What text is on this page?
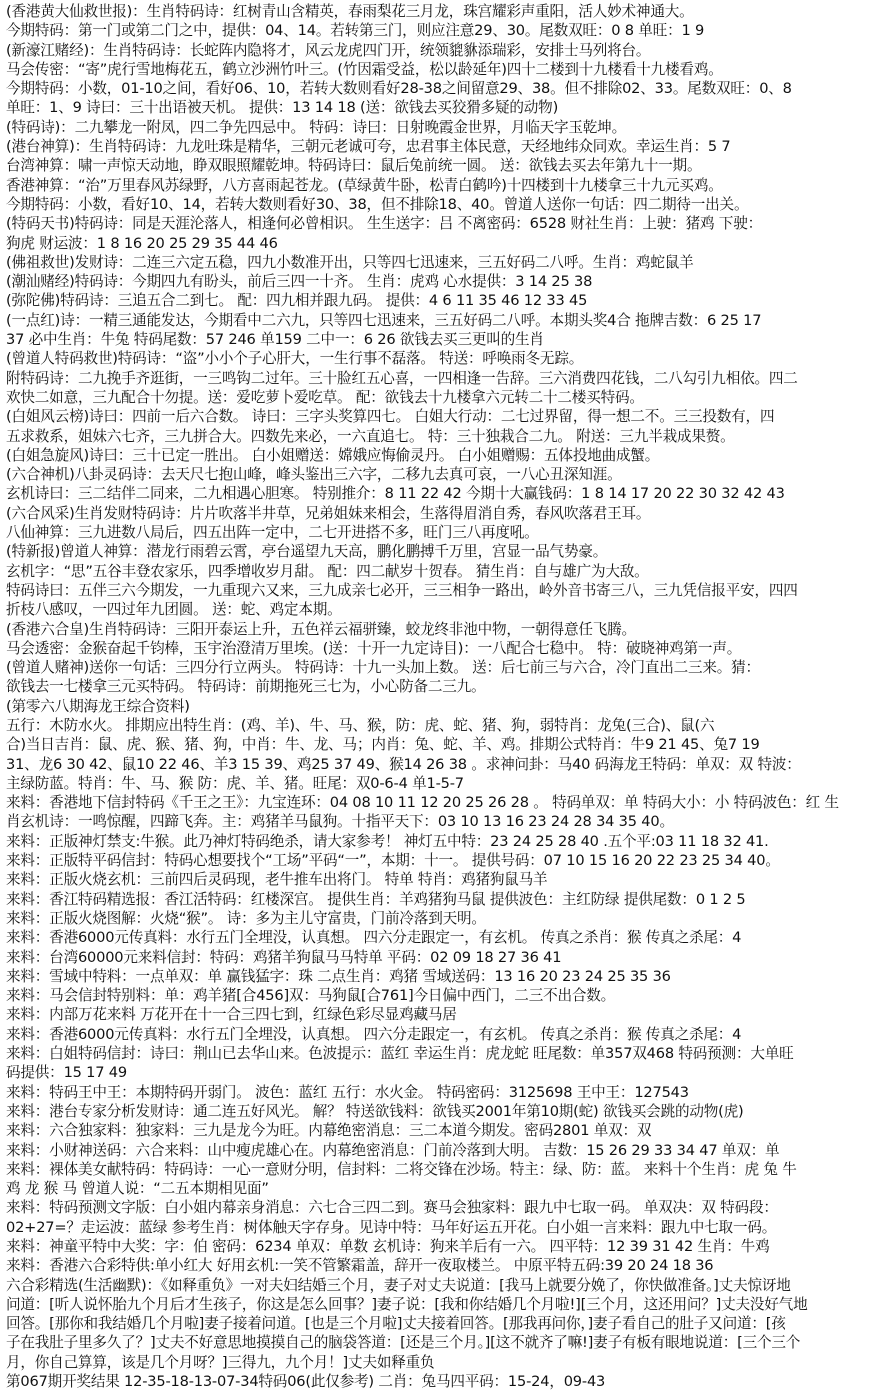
(香港黄大仙救世报)：生肖特码诗：红树青山含精英，春雨梨花三月龙，珠宫耀彩声重阳，活人妙术神通大。
今期特码：第一门或第二门之中，提供：04、14。若转第三门，则应注意29、30。尾数双旺：0 8 单旺：1 9
(新濠江赌经)：生肖特码诗：长蛇阵内隐将才，风云龙虎四门开，统领貔貅添瑞彩，安排士马列将台。
马会传密：“寄”虎行雪地梅花五，鹤立沙洲竹叶三。(竹因霜受益，松以龄延年)四十二楼到十九楼看十九楼看鸡。
今期特码：小数，01-10之间，看好06、10，若转大数则看好28-38之间留意29、38。但不排除02、33。尾数双旺：0、8
单旺：1、9 诗曰：三十出语被天机。 提供：13 14 18 (送：欲钱去买狡猾多疑的动物)
(特码诗)：二九攀龙一附凤，四二争先四忌中。 特码：诗曰：日射晚霞金世界，月临天字玉乾坤。
(港台神算)：生肖特码诗：九龙吐珠是精华，三朝元老诚可夸，忠君事主体民意，天经地纬众同欢。幸运生肖：5 7
台湾神算：啸一声惊天动地，睁双眼照耀乾坤。特码诗曰：鼠后兔前统一圆。 送：欲钱去买去年第九十一期。
香港神算：“治”万里春风苏绿野，八方喜雨起苍龙。(草绿黄牛卧，松青白鹤吟)十四楼到十九楼拿三十九元买鸡。
今期特码：小数，看好10、14，若转大数则看好30、38，但不排除18、40。曾道人送你一句话：四二期待一出关。
(特码天书)特码诗：同是天涯沦落人，相逢何必曾相识。 生生送字：吕 不离密码：6528 财社生肖：上驶：猪鸡 下驶：
狗虎 财运波：1 8 16 20 25 29 35 44 46
(佛祖救世)发财诗：二连三六定五稳，四九小数准开出，只等四七迅速来，三五好码二八呼。生肖：鸡蛇鼠羊
(潮汕赌经)特码诗：今期四九有盼头，前后三四一十齐。 生肖：虎鸡 心水提供：3 14 25 38
(弥陀佛)特码诗：三追五合二到七。 配：四九相并跟九码。 提供：4 6 11 35 46 12 33 45
(一点红)诗：一精三通能发达，今期看中二六九，只等四七迅速来，三五好码二八呼。本期头奖4合 拖牌吉数：6 25 17
37 必中生肖：牛兔 特码尾数：57 246 单159 二中一：6 26 欲钱去买三更叫的生肖
(曾道人特码救世)特码诗：“盗”小小个子心肝大，一生行事不磊落。 特送：呼唤雨冬无踪。
附特码诗：二九挽手齐逛街，一三鸣钩二过年。三十脸红五心喜，一四相逢一告辞。三六消费四花钱，二八勾引九相依。四二
欢快二如意，三九配合十勿提。送：爱吃萝卜爱吃草。 配：欲钱去十九楼拿六元转二十二楼买特码。
(白姐风云榜)诗曰：四前一后六合数。 诗曰：三字头奖算四七。 白姐大行动：二七过界留，得一想二不。三三投数有，四
五求救系，姐妹六七齐，三九拼合大。四数先来必，一六直追七。 特：三十独栽合二九。 附送：三九半栽成果赘。
(白姐急旋风)诗曰：三十已定一胜出。 白小姐赠送：嫦娥应悔偷灵丹。 白小姐赠赐：五体投地曲成蟹。
(六合神机)八卦灵码诗：去天尺七抱山峰，峰头鉴出三六字，二移九去真可哀，一八心丑深知涯。
玄机诗曰：三二结伴二同来，二九相遇心胆寒。 特别推介：8 11 22 42 今期十大赢钱码：1 8 14 17 20 22 30 32 42 43
(六合风采)生肖发财特码诗：片片吹落半井草，兄弟姐妹来相会，生落得眉消自秀，春风吹落君王耳。
八仙神算：三九进数八局后，四五出阵一定中，二七开进搭不多，旺门三八再度吼。
(特新报)曾道人神算：潜龙行雨碧云霄，亭台遥望九天高，鹏化鹏搏千万里，宫显一品气势豪。
玄机字：“思”五谷丰登农家乐，四季增收岁月甜。 配：四二献岁十贺春。 猜生肖：自与雄广为大敌。
特码诗曰：五伴三六今期发，一九重现六又来，三九成亲七必开，三三相争一路出，岭外音书寄三八，三九凭信报平安，四四
折枝八感叹，一四过年九团圆。 送：蛇、鸡定本期。
(香港六合皇)生肖特码诗：三阳开泰运上升，五色祥云福骈臻，蛟龙终非池中物，一朝得意任飞腾。
马会透密：金猴奋起千钧棒，玉宇治澄清万里埃。(送：十开一九定诗目)：一八配合七稳中。 特：破晓神鸡第一声。
(曾道人赌神)送你一句话：三四分行立两头。 特码诗：十九一头加上数。 送：后七前三与六合，冷门直出二三来。猜：
欲钱去一七楼拿三元买特码。 特码诗：前期拖死三七为，小心防备二三九。
(第零六八期海龙王综合资料)
五行：木防水火。 排期应出特生肖：(鸡、羊)、牛、马、猴，防：虎、蛇、猪、狗，弱特肖：龙兔(三合)、鼠(六
合)当日吉肖：鼠、虎、猴、猪、狗，中肖：牛、龙、马；内肖：兔、蛇、羊、鸡。排期公式特肖：牛9 21 45、兔7 19
31、龙6 30 42、鼠10 22 46、羊3 15 39、鸡25 37 49、猴14 26 38 。求神问卦：马40 码海龙王特码：单双：双 特波：
主绿防蓝。特肖：牛、马、猴 防：虎、羊、猪。旺尾：双0-6-4 单1-5-7
来料：香港地下信封特码《千王之王》：九宝连环：04 08 10 11 12 20 25 26 28 。 特码单双：单 特码大小：小 特码波色：红 生
肖玄机诗：一鸣惊醒，四蹄飞奔。主：鸡猪羊马鼠狗。十指平天下：03 10 13 16 23 24 28 34 35 40。
来料：正版神灯禁支:牛猴。此乃神灯特码绝杀，请大家参考！ 神灯五中特：23 24 25 28 40 .五个平:03 11 18 32 41.
来料：正版特平码信封：特码心想要找个“工场”平码“一”，本期：十一。 提供号码：07 10 15 16 20 22 23 25 34 40。
来料：正版火烧玄机：三前四后灵码现，老牛推车出将门。 特单 特肖：鸡猪狗鼠马羊
来料：香江特码精选报：香江活特码：红楼深宫。 提供生肖：羊鸡猪狗马鼠 提供波色：主红防绿 提供尾数：0 1 2 5
来料：正版火烧图解：火烧“猴”。 诗：多为主儿守富贵，门前冷落到天明。
来料：香港6000元传真料：水行五门全埋没，认真想。 四六分走跟定一，有玄机。 传真之杀肖：猴 传真之杀尾：4
来料：台湾60000元来料信封：特码：鸡猪羊狗鼠马马特单 平码：02 09 18 27 36 41
来料：雪域中特料：一点单双：单 赢钱猛字：珠 二点生肖：鸡猪 雪域送码：13 16 20 23 24 25 35 36
来料：马会信封特别料：单：鸡羊猪[合456]双：马狗鼠[合761]今日偏中西门，二三不出合数。
来料：内部万花来料 万花开在十一合三四七到，红绿色彩尽显鸡藏马居
来料：香港6000元传真料：水行五门全埋没，认真想。 四六分走跟定一，有玄机。 传真之杀肖：猴 传真之杀尾：4
来料：白姐特码信封：诗曰：荆山已去华山来。色波提示：蓝红 幸运生肖：虎龙蛇 旺尾数：单357双468 特码预测：大单旺
码提供：15 17 49
来料：特码王中王：本期特码开弱门。 波色：蓝红 五行：水火金。 特码密码：3125698 王中王：127543
来料：港台专家分析发财诗：通二连五好风光。 解？ 特送欲钱料：欲钱买2001年第10期(蛇) 欲钱买会跳的动物(虎)
来料：六合独家料：独家料：三九是龙今为旺。内幕绝密消息：三二本道今期发。密码2801 单双：双
来料：小财神送码：六合来料：山中瘦虎雄心在。内幕绝密消息：门前冷落到大明。 吉数：15 26 29 33 34 47 单双：单
来料：裸体美女献特码：特码诗：一心一意财分明，信封料：二将交锋在沙场。特主：绿、防：蓝。 来料十个生肖：虎 兔 牛
鸡 龙 猴 马 曾道人说：“二五本期相见面”
来料：特码预测文字版：白小姐内幕亲身消息：六七合三四二到。赛马会独家料：跟九中七取一码。 单双决：双 特码段：
02+27=？走运波：蓝绿 参考生肖：树体触天字存身。见诗中特：马年好运五开花。白小姐一言来料：跟九中七取一码。
来料：神童平特中大奖：字：伯 密码：6234 单双：单数 玄机诗：狗来羊后有一六。 四平特：12 39 31 42 生肖：牛鸡
来料：香港六合彩特供:单小红大 好用玄机:一笑不管繁霜盖，辞开一夜取楼兰。 中原平特五码:39 20 24 18 36
六合彩精选(生活幽默)：《如释重负》一对夫妇结婚三个月，妻子对丈夫说道：[我马上就要分娩了，你快做准备。]丈夫惊讶地
问道：[听人说怀胎九个月后才生孩子，你这是怎么回事？]妻子说：[我和你结婚几个月啦!][三个月，这还用问？]丈夫没好气地
回答。[那你和我结婚几个月啦]妻子接着问道。[也是三个月啦]丈夫接着回答。[那我再问你，]妻子看自己的肚子又问道：[孩
子在我肚子里多久了？]丈夫不好意思地摸摸自己的脑袋答道：[还是三个月。][这不就齐了嘛!]妻子有板有眼地说道：[三个三个
月，你自己算算，该是几个月呀？]三得九，九个月！]丈夫如释重负
第067期开奖结果 12-35-18-13-07-34特码06(此仅参考) 二肖：兔马四平码：15-24，09-43
